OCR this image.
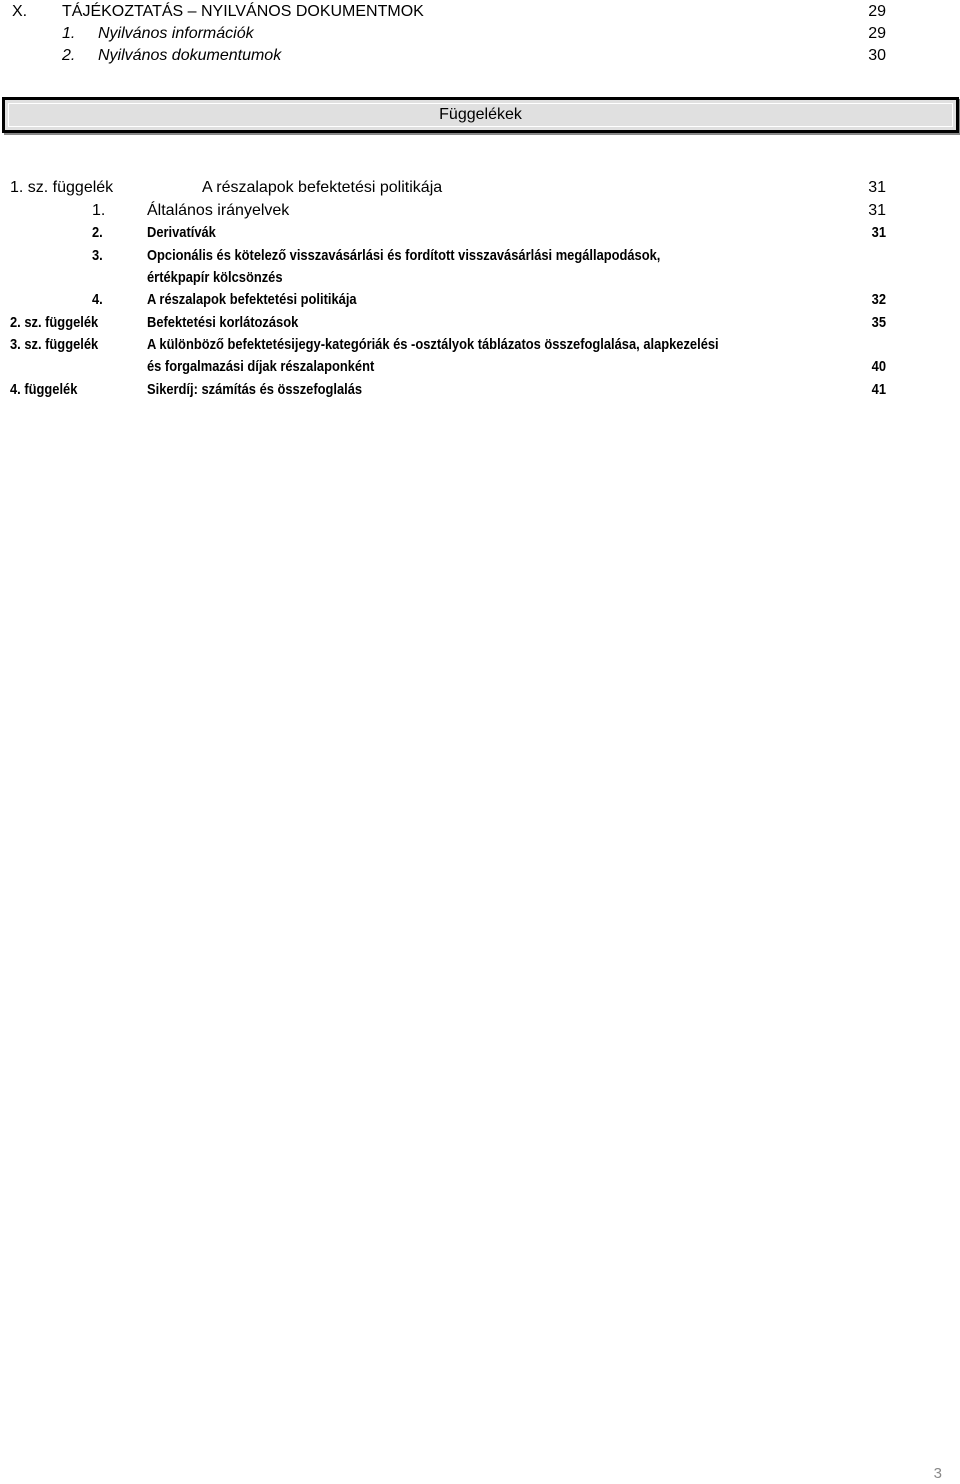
X. TÁJÉKOZTATÁS – NYILVÁNOS DOKUMENTMOK	29
1. Nyilvános információk	29
2. Nyilvános dokumentumok	30
Függelékek
1. sz. függelék	A részalapok befektetési politikája	31
1.	Általános irányelvek	31
2.	Derivatívák	31
3.	Opcionális és kötelező visszavásárlási és fordított visszavásárlási megállapodások,
értékpapír kölcsönzés
4.	A részalapok befektetési politikája	32
2. sz. függelék	Befektetési korlátozások	35
3. sz. függelék	A különböző befektetésijegy-kategóriák és -osztályok táblázatos összefoglalása, alapkezelési
és forgalmazási díjak részalaponként	40
4. függelék	Sikerdíj: számítás és összefoglalás	41
3
